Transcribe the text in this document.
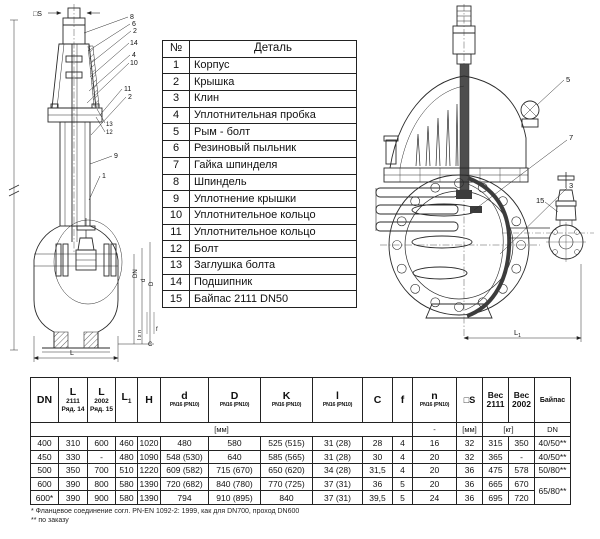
□S
L
f
C
l x n
DN
d
D
8
6
2
14
4
10
11
2
13
12
9
1
№	Деталь
1	Корпус
2	Крышка
3	Клин
4	Уплотнительная пробка
5	Рым - болт
6	Резиновый пыльник
7	Гайка шпинделя
8	Шпиндель
9	Уплотнение крышки
10	Уплотнительное кольцо
11	Уплотнительное кольцо
12	Болт
13	Заглушка болта
14	Подшипник
15	Байпас 2111 DN50
5
7
3
15
$L_1$
DN

L
2111
Ряд. 14

L
2002
Ряд. 15

$L_1$	H	d
PN16 (PN10)

D
PN16 (PN10)

K
PN16 (PN10)

l
PN16 (PN10)	C	f	n
PN16 (PN10)

□S	Вес
2111

Вес
2002	Байпас

[мм]											-	[мм]	[кг]		DN
400	310	600	460	1020	480	580	525 (515)	31 (28)	28	4	16	32	315	350	40/50**
450	330	-	480	1090	548 (530)	640	585 (565)	31 (28)	30	4	20	32	365	-	40/50**
500	350	700	510	1220	609 (582)	715 (670)	650 (620)	34 (28)	31,5	4	20	36	475	578	50/80**
600	390	800	580	1390	720 (682)	840 (780)	770 (725)	37 (31)	36	5	20	36	665	670	65/80**
600*	390	900	580	1390	794	910 (895)	840	37 (31)	39,5	5	24	36	695	720	
* Фланцевое соединение согл. PN-EN 1092-2: 1999, как для DN700, проход DN600
** по заказу
